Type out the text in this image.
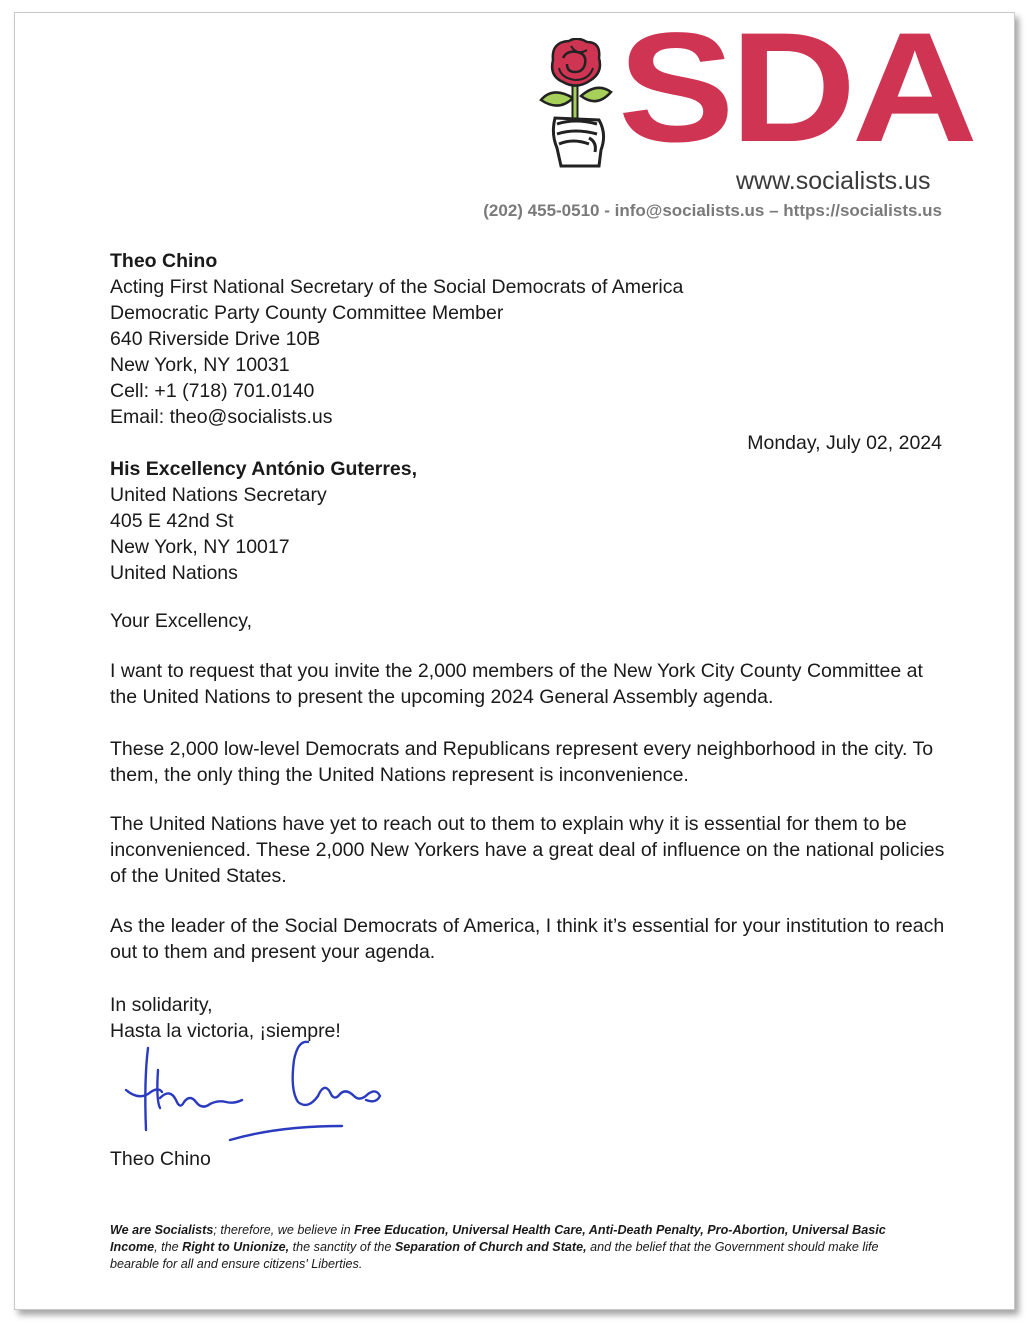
SDA
www.socialists.us
(202) 455-0510 - info@socialists.us – https://socialists.us
Theo Chino
Acting First National Secretary of the Social Democrats of America
Democratic Party County Committee Member
640 Riverside Drive 10B
New York, NY 10031
Cell: +1 (718) 701.0140
Email: theo@socialists.us
Monday, July 02, 2024
His Excellency António Guterres,
United Nations Secretary
405 E 42nd St
New York, NY 10017
United Nations
Your Excellency,
I want to request that you invite the 2,000 members of the New York City County Committee at the United Nations to present the upcoming 2024 General Assembly agenda.
These 2,000 low-level Democrats and Republicans represent every neighborhood in the city. To them, the only thing the United Nations represent is inconvenience.
The United Nations have yet to reach out to them to explain why it is essential for them to be inconvenienced. These 2,000 New Yorkers have a great deal of influence on the national policies of the United States.
As the leader of the Social Democrats of America, I think it’s essential for your institution to reach out to them and present your agenda.
In solidarity,
Hasta la victoria, ¡siempre!
Theo Chino
We are Socialists; therefore, we believe in Free Education, Universal Health Care, Anti-Death Penalty, Pro-Abortion, Universal Basic Income, the Right to Unionize, the sanctity of the Separation of Church and State, and the belief that the Government should make life bearable for all and ensure citizens' Liberties.
